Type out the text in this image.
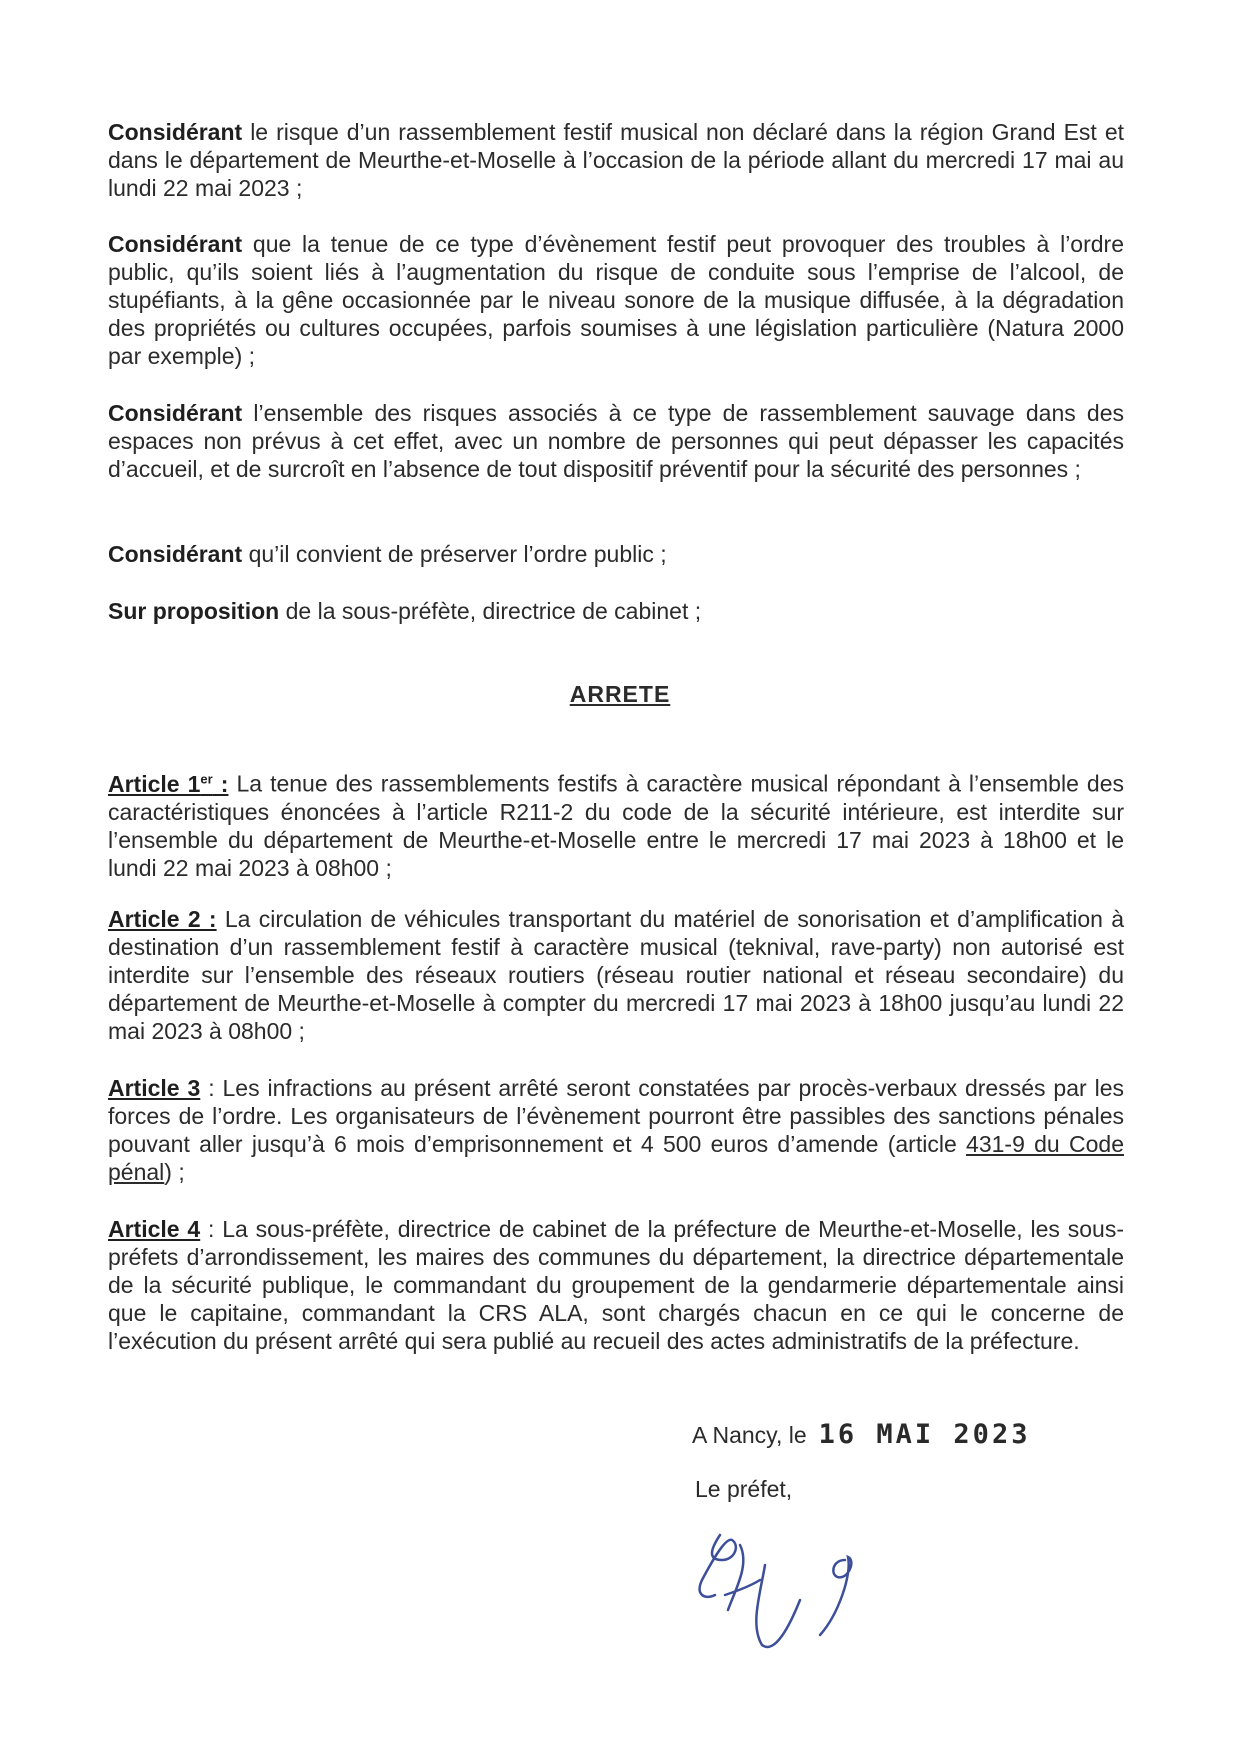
Considérant le risque d’un rassemblement festif musical non déclaré dans la région Grand Est et dans le département de Meurthe-et-Moselle à l’occasion de la période allant du mercredi 17 mai au lundi 22 mai 2023 ;

Considérant que la tenue de ce type d’évènement festif peut provoquer des troubles à l’ordre public, qu’ils soient liés à l’augmentation du risque de conduite sous l’emprise de l’alcool, de stupéfiants, à la gêne occasionnée par le niveau sonore de la musique diffusée, à la dégradation des propriétés ou cultures occupées, parfois soumises à une législation particulière (Natura 2000 par exemple) ;

Considérant l’ensemble des risques associés à ce type de rassemblement sauvage dans des espaces non prévus à cet effet, avec un nombre de personnes qui peut dépasser les capacités d’accueil, et de surcroît en l’absence de tout dispositif préventif pour la sécurité des personnes ;

Considérant qu’il convient de préserver l’ordre public ;

Sur proposition de la sous-préfète, directrice de cabinet ;

ARRETE

Article 1er : La tenue des rassemblements festifs à caractère musical répondant à l’ensemble des caractéristiques énoncées à l’article R211-2 du code de la sécurité intérieure, est interdite sur l’ensemble du département de Meurthe-et-Moselle entre le mercredi 17 mai 2023 à 18h00 et le lundi 22 mai 2023 à 08h00 ;

Article 2 : La circulation de véhicules transportant du matériel de sonorisation et d’amplification à destination d’un rassemblement festif à caractère musical (teknival, rave-party) non autorisé est interdite sur l’ensemble des réseaux routiers (réseau routier national et réseau secondaire) du département de Meurthe-et-Moselle à compter du mercredi 17 mai 2023 à 18h00 jusqu’au lundi 22 mai 2023 à 08h00 ;

Article 3 : Les infractions au présent arrêté seront constatées par procès-verbaux dressés par les forces de l’ordre. Les organisateurs de l’évènement pourront être passibles des sanctions pénales pouvant aller jusqu’à 6 mois d’emprisonnement et 4 500 euros d’amende (article 431-9 du Code pénal) ;

Article 4 : La sous-préfète, directrice de cabinet de la préfecture de Meurthe-et-Moselle, les sous-préfets d’arrondissement, les maires des communes du département, la directrice départementale de la sécurité publique, le commandant du groupement de la gendarmerie départementale ainsi que le capitaine, commandant la CRS ALA, sont chargés chacun en ce qui le concerne de l’exécution du présent arrêté qui sera publié au recueil des actes administratifs de la préfecture.

A Nancy, le 16 MAI 2023
Le préfet,
